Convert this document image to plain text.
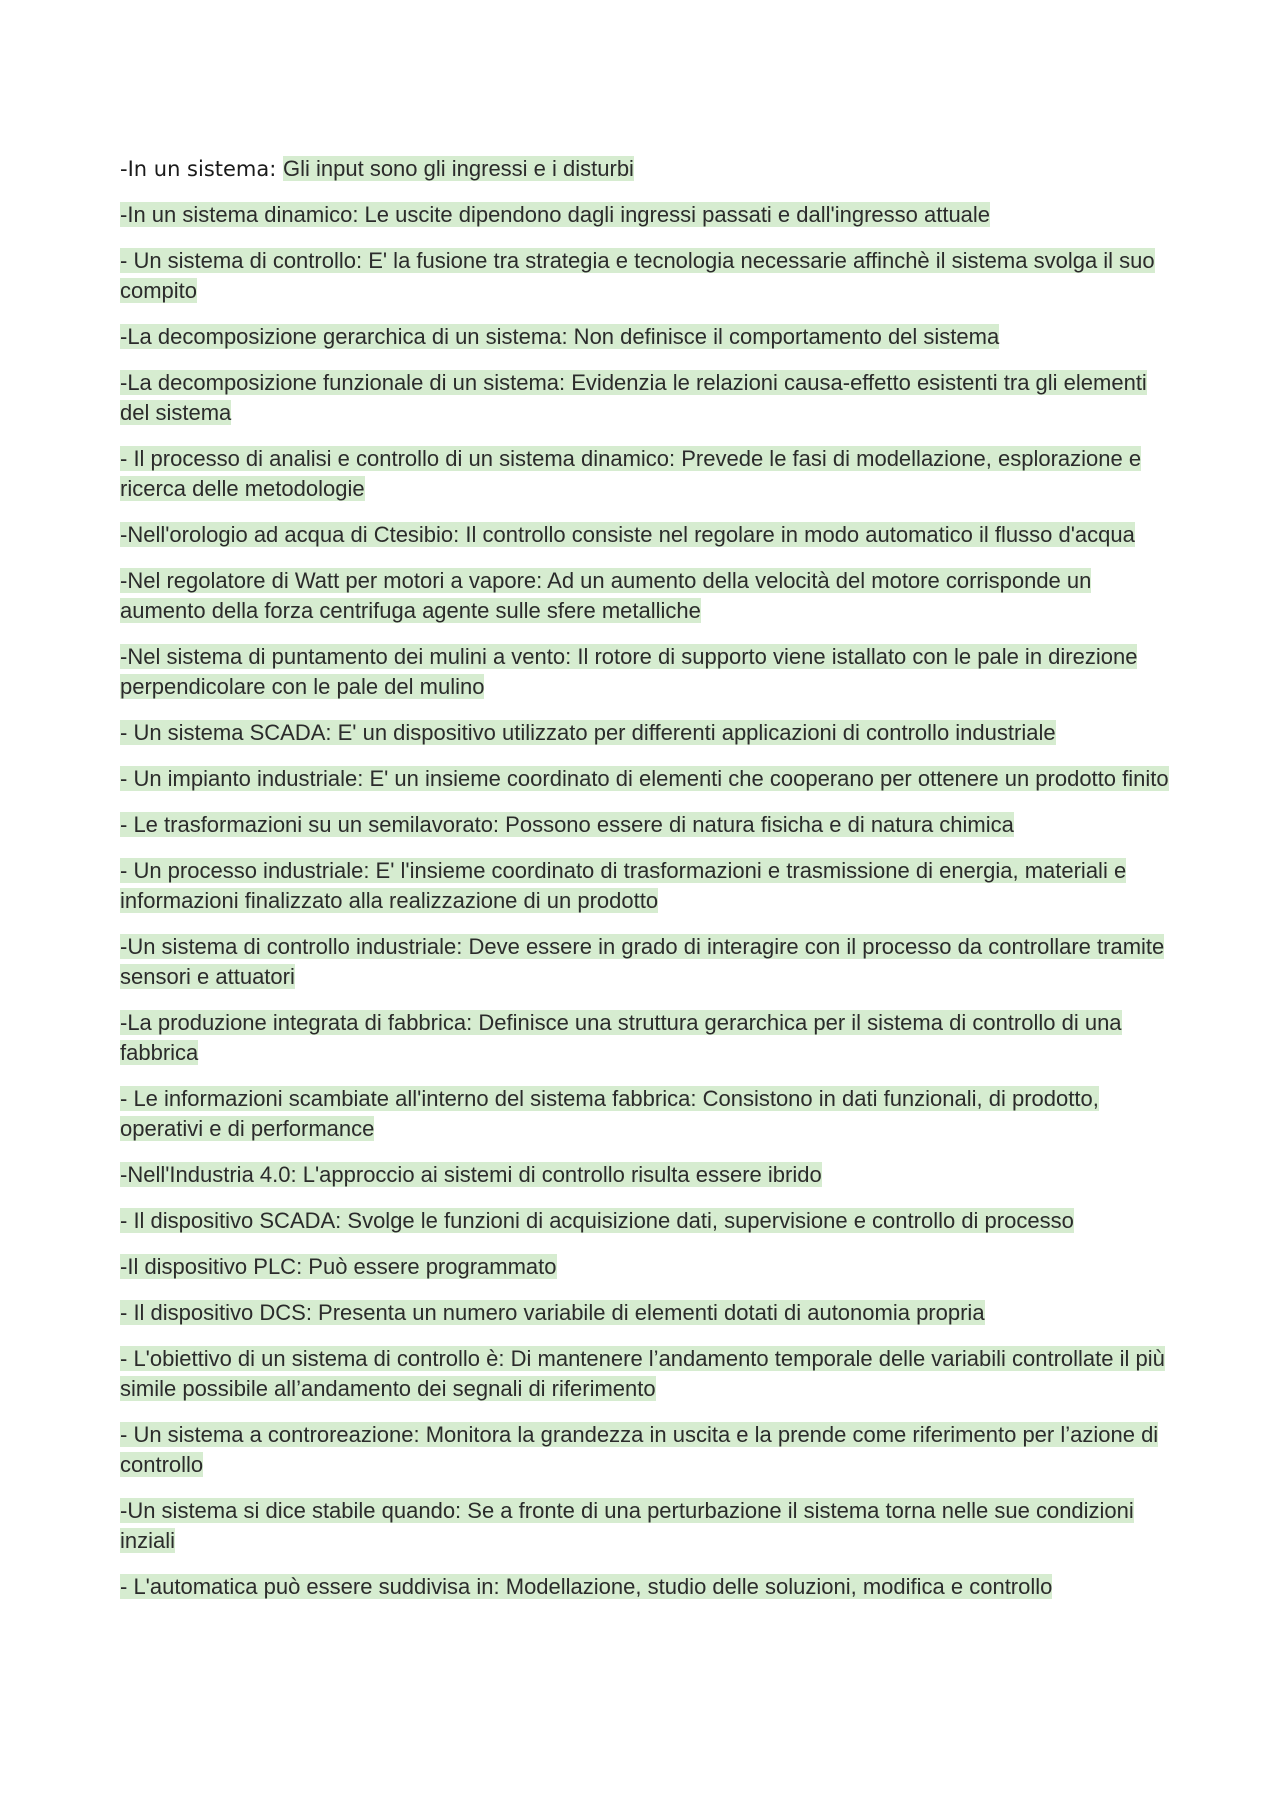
-In un sistema: Gli input sono gli ingressi e i disturbi

-In un sistema dinamico: Le uscite dipendono dagli ingressi passati e dall'ingresso attuale

- Un sistema di controllo: E' la fusione tra strategia e tecnologia necessarie affinchè il sistema svolga il suo compito

-La decomposizione gerarchica di un sistema: Non definisce il comportamento del sistema

-La decomposizione funzionale di un sistema: Evidenzia le relazioni causa-effetto esistenti tra gli elementi del sistema

- Il processo di analisi e controllo di un sistema dinamico: Prevede le fasi di modellazione, esplorazione e ricerca delle metodologie

-Nell'orologio ad acqua di Ctesibio: Il controllo consiste nel regolare in modo automatico il flusso d'acqua

-Nel regolatore di Watt per motori a vapore: Ad un aumento della velocità del motore corrisponde un aumento della forza centrifuga agente sulle sfere metalliche

-Nel sistema di puntamento dei mulini a vento: Il rotore di supporto viene istallato con le pale in direzione perpendicolare con le pale del mulino

- Un sistema SCADA: E' un dispositivo utilizzato per differenti applicazioni di controllo industriale

- Un impianto industriale: E' un insieme coordinato di elementi che cooperano per ottenere un prodotto finito

- Le trasformazioni su un semilavorato: Possono essere di natura fisicha e di natura chimica

- Un processo industriale: E' l'insieme coordinato di trasformazioni e trasmissione di energia, materiali e informazioni finalizzato alla realizzazione di un prodotto

-Un sistema di controllo industriale: Deve essere in grado di interagire con il processo da controllare tramite sensori e attuatori

-La produzione integrata di fabbrica: Definisce una struttura gerarchica per il sistema di controllo di una fabbrica

- Le informazioni scambiate all'interno del sistema fabbrica: Consistono in dati funzionali, di prodotto, operativi e di performance

-Nell'Industria 4.0: L'approccio ai sistemi di controllo risulta essere ibrido

- Il dispositivo SCADA: Svolge le funzioni di acquisizione dati, supervisione e controllo di processo

-Il dispositivo PLC: Può essere programmato

- Il dispositivo DCS: Presenta un numero variabile di elementi dotati di autonomia propria

- L'obiettivo di un sistema di controllo è: Di mantenere l’andamento temporale delle variabili controllate il più simile possibile all’andamento dei segnali di riferimento

- Un sistema a controreazione: Monitora la grandezza in uscita e la prende come riferimento per l’azione di controllo

-Un sistema si dice stabile quando: Se a fronte di una perturbazione il sistema torna nelle sue condizioni inziali

- L'automatica può essere suddivisa in: Modellazione, studio delle soluzioni, modifica e controllo
